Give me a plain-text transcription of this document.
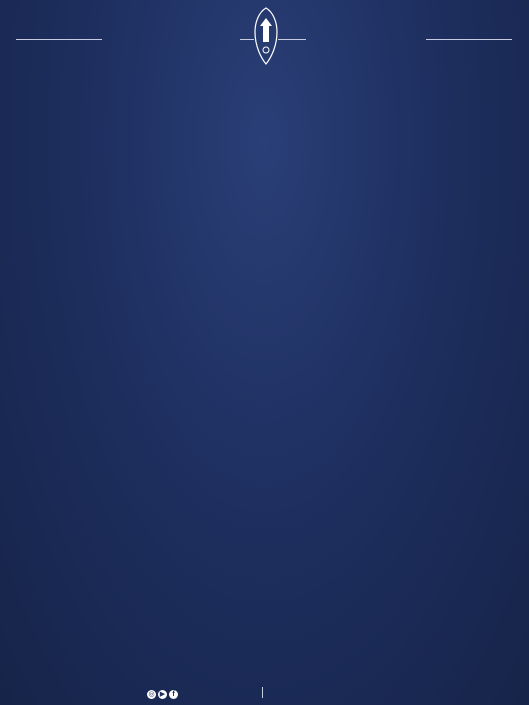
◎ ▶ f
